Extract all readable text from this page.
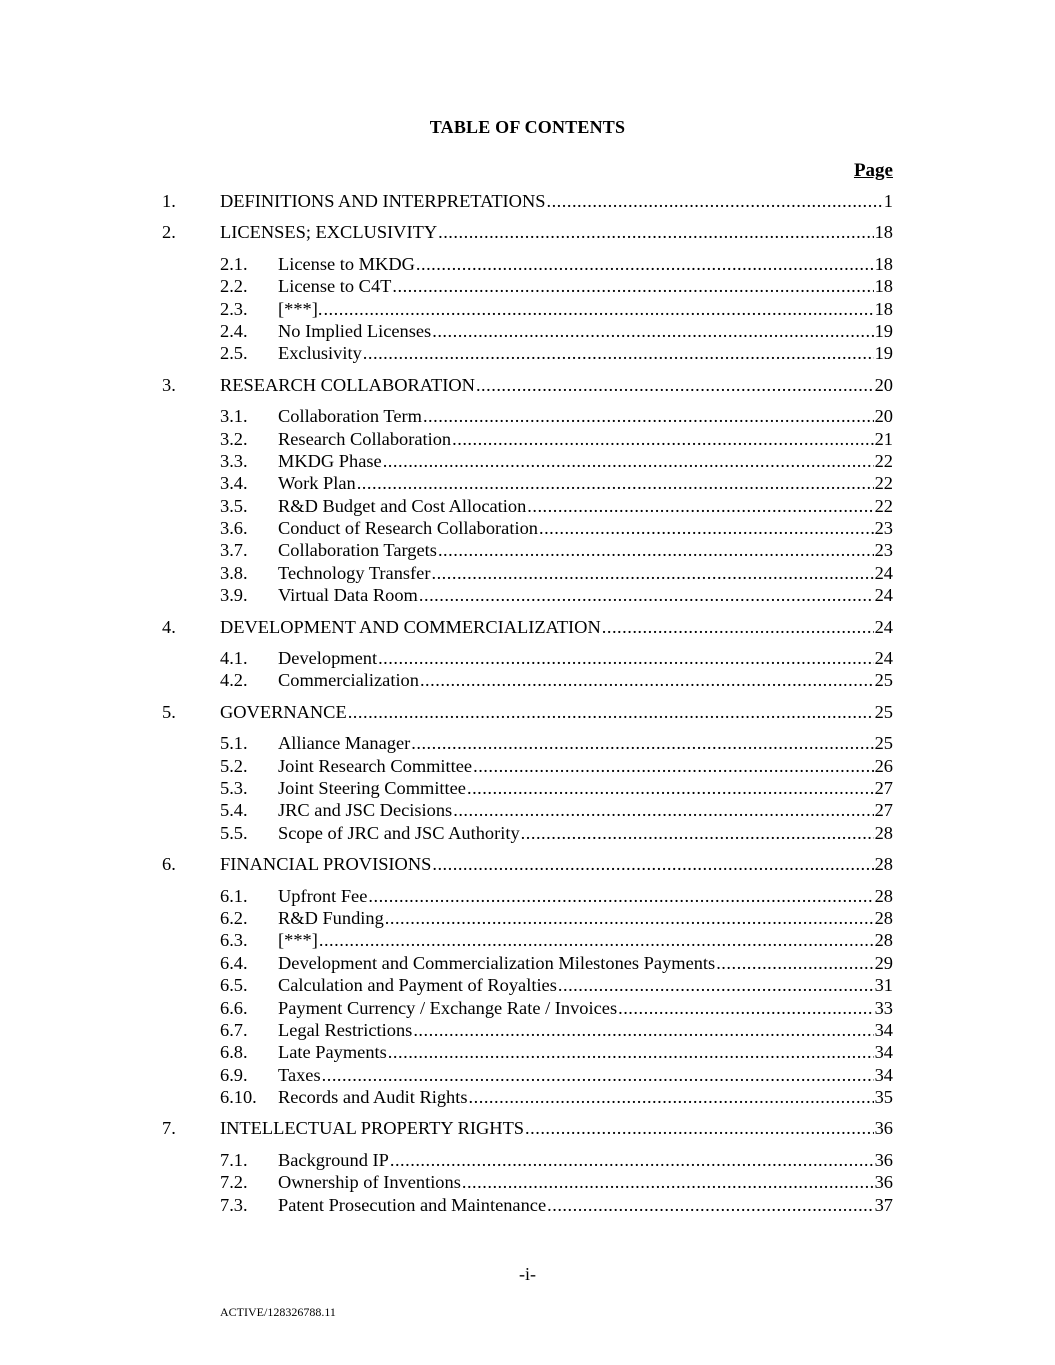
TABLE OF CONTENTS
Page
1. DEFINITIONS AND INTERPRETATIONS .....	1
2. LICENSES; EXCLUSIVITY .....	18
2.1. License to MKDG .....	18
2.2. License to C4T .....	18
2.3. [***]. .....	18
2.4. No Implied Licenses .....	19
2.5. Exclusivity .....	19
3. RESEARCH COLLABORATION .....	20
3.1. Collaboration Term .....	20
3.2. Research Collaboration .....	21
3.3. MKDG Phase .....	22
3.4. Work Plan .....	22
3.5. R&D Budget and Cost Allocation .....	22
3.6. Conduct of Research Collaboration .....	23
3.7. Collaboration Targets .....	23
3.8. Technology Transfer .....	24
3.9. Virtual Data Room .....	24
4. DEVELOPMENT AND COMMERCIALIZATION .....	24
4.1. Development .....	24
4.2. Commercialization .....	25
5. GOVERNANCE .....	25
5.1. Alliance Manager .....	25
5.2. Joint Research Committee .....	26
5.3. Joint Steering Committee .....	27
5.4. JRC and JSC Decisions .....	27
5.5. Scope of JRC and JSC Authority .....	28
6. FINANCIAL PROVISIONS .....	28
6.1. Upfront Fee .....	28
6.2. R&D Funding .....	28
6.3. [***] .....	28
6.4. Development and Commercialization Milestones Payments .....	29
6.5. Calculation and Payment of Royalties .....	31
6.6. Payment Currency / Exchange Rate / Invoices .....	33
6.7. Legal Restrictions .....	34
6.8. Late Payments .....	34
6.9. Taxes .....	34
6.10. Records and Audit Rights .....	35
7. INTELLECTUAL PROPERTY RIGHTS .....	36
7.1. Background IP .....	36
7.2. Ownership of Inventions .....	36
7.3. Patent Prosecution and Maintenance .....	37
-i-
ACTIVE/128326788.11
